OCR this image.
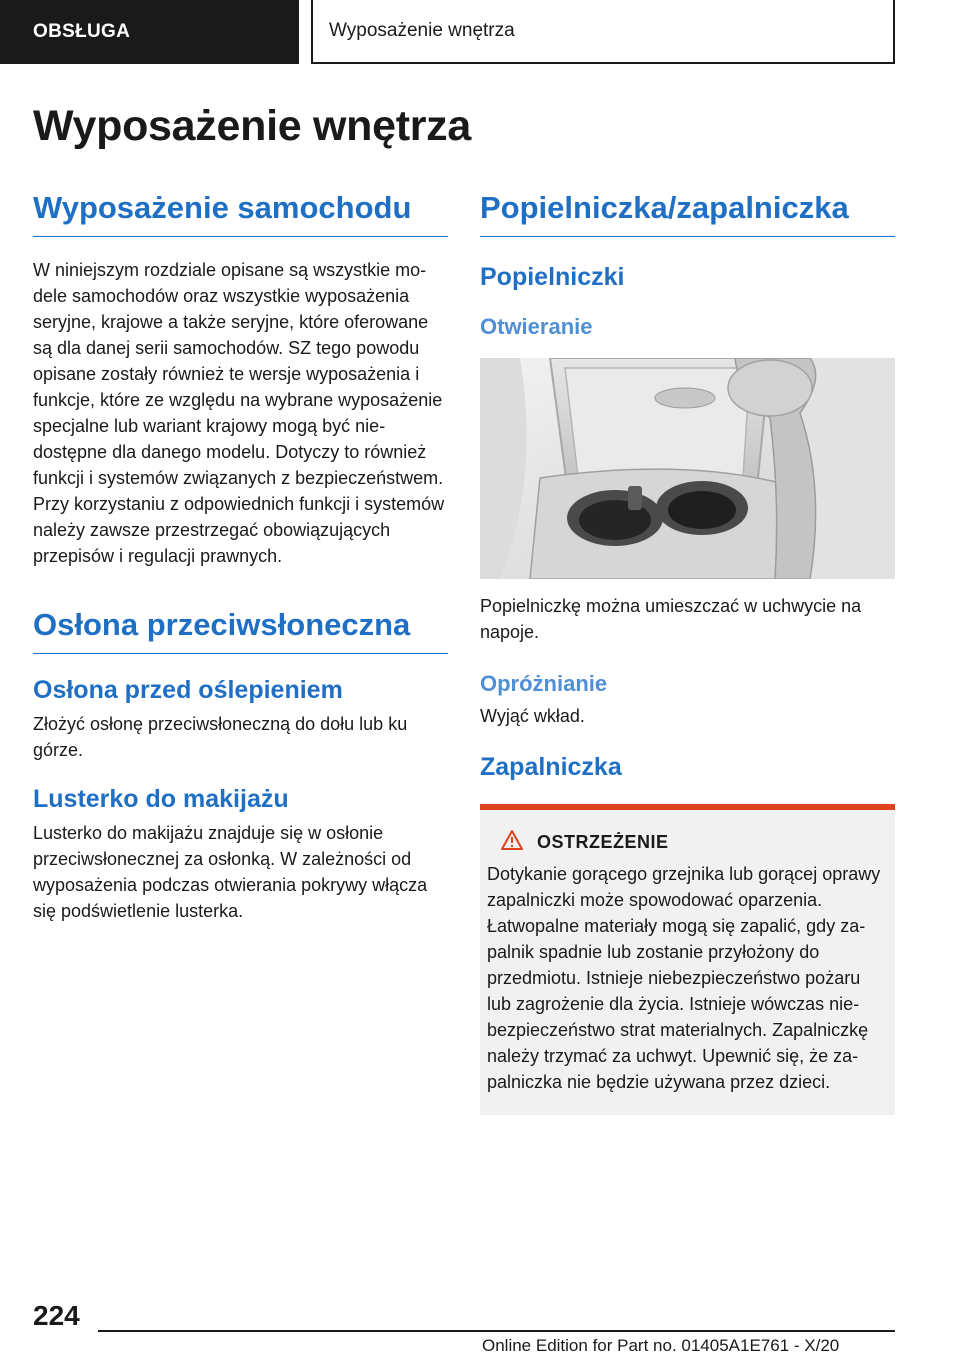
OBSŁUGA	Wyposażenie wnętrza
Wyposażenie wnętrza
Wyposażenie samochodu

W niniejszym rozdziale opisane są wszystkie modele samochodów oraz wszystkie wyposażenia seryjne, krajowe a także seryjne, które oferowane są dla danej serii samochodów. SZ tego powodu opisane zostały również te wersje wyposażenia i funkcje, które ze względu na wybrane wyposażenie specjalne lub wariant krajowy mogą być niedostępne dla danego modelu. Dotyczy to również funkcji i systemów związanych z bezpieczeństwem. Przy korzystaniu z odpowiednich funkcji i systemów należy zawsze przestrzegać obowiązujących przepisów i regulacji prawnych.

Osłona przeciwsłoneczna
Osłona przed oślepieniem

Złożyć osłonę przeciwsłoneczną do dołu lub ku górze.

Lusterko do makijażu

Lusterko do makijażu znajduje się w osłonie przeciwsłonecznej za osłonką. W zależności od wyposażenia podczas otwierania pokrywy włącza się podświetlenie lusterka.

Popielniczka/zapalniczka
Popielniczki
Otwieranie

Popielniczkę można umieszczać w uchwycie na napoje.

Opróżnianie

Wyjąć wkład.

Zapalniczka
OSTRZEŻENIE

Dotykanie gorącego grzejnika lub gorącej oprawy zapalniczki może spowodować oparzenia. Łatwopalne materiały mogą się zapalić, gdy zapalnik spadnie lub zostanie przyłożony do przedmiotu. Istnieje niebezpieczeństwo pożaru lub zagrożenie dla życia. Istnieje wówczas niebezpieczeństwo strat materialnych. Zapalniczkę należy trzymać za uchwyt. Upewnić się, że zapalniczka nie będzie używana przez dzieci.

224
Online Edition for Part no. 01405A1E761 - X/20
